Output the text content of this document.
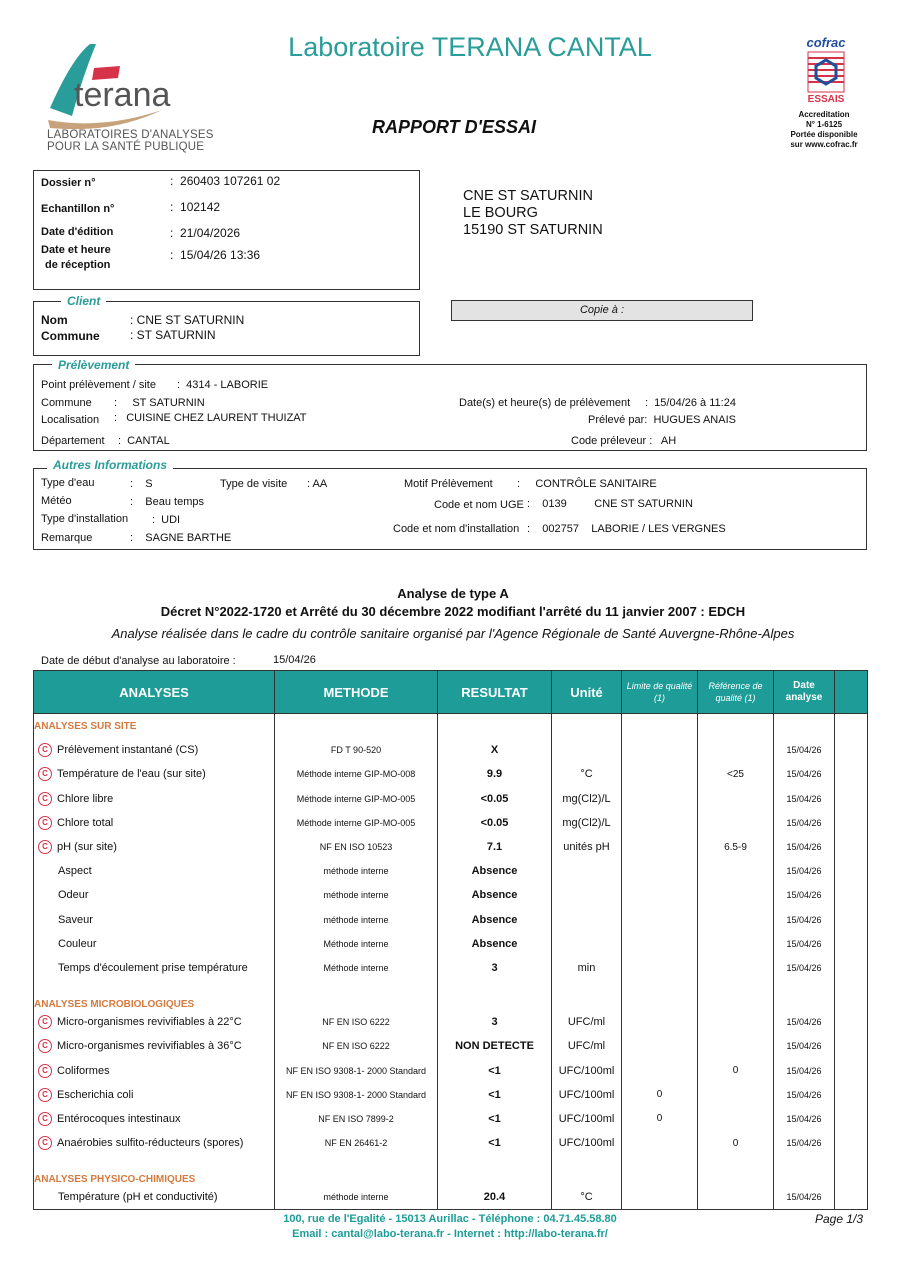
Laboratoire TERANA CANTAL
terana
LABORATOIRES D'ANALYSES
POUR LA SANTÉ PUBLIQUE
RAPPORT D'ESSAI
cofrac
ESSAIS
Accreditation
N° 1-6125
Portée disponible
sur www.cofrac.fr
Dossier n°	:  260403 107261 02
Echantillon n°	:  102142
Date d'édition	:  21/04/2026
Date et heure
de réception
:  15/04/26 13:36
CNE ST SATURNIN
LE BOURG
15190 ST SATURNIN
Client
Nom	: CNE ST SATURNIN
Commune	: ST SATURNIN
Copie à :
Prélèvement
Point prélèvement / site :  4314 - LABORIE
Commune :     ST SATURNIN
Localisation :   CUISINE CHEZ LAURENT THUIZAT
Département :  CANTAL
Date(s) et heure(s) de prélèvement :  15/04/26 à 11:24
Prélevé par: HUGUES ANAIS
Code préleveur : AH
Autres Informations
Type d'eau	:    S	Type de visite : AA	Motif Prélèvement :     CONTRÔLE SANITAIRE
Météo	:    Beau temps	Code et nom UGE :    0139	CNE ST SATURNIN
Type d'installation :  UDI
Code et nom d'installation :    002757 LABORIE / LES VERGNES
Remarque	:    SAGNE BARTHE
Analyse de type A
Décret N°2022-1720 et Arrêté du 30 décembre 2022 modifiant l'arrêté du 11 janvier 2007 : EDCH
Analyse réalisée dans le cadre du contrôle sanitaire organisé par l'Agence Régionale de Santé Auvergne-Rhône-Alpes
Date de début d'analyse au laboratoire :	15/04/26
ANALYSES	METHODE	RESULTAT	Unité	Limite de qualité (1)	Référence de qualité (1)	Date analyse	
ANALYSES SUR SITE							
C Prélèvement instantané (CS)	FD T 90-520	X				15/04/26	
C Température de l'eau (sur site)	Méthode interne GIP-MO-008	9.9	°C		<25	15/04/26	
C Chlore libre	Méthode interne GIP-MO-005	<0.05	mg(Cl2)/L			15/04/26	
C Chlore total	Méthode interne GIP-MO-005	<0.05	mg(Cl2)/L			15/04/26	
C pH (sur site)	NF EN ISO 10523	7.1	unités pH		6.5-9	15/04/26	
Aspect	méthode interne	Absence				15/04/26	
Odeur	méthode interne	Absence				15/04/26	
Saveur	méthode interne	Absence				15/04/26	
Couleur	Méthode interne	Absence				15/04/26	
Temps d'écoulement prise température	Méthode interne	3	min			15/04/26	
ANALYSES MICROBIOLOGIQUES							
C Micro-organismes revivifiables à 22°C	NF EN ISO 6222	3	UFC/ml			15/04/26	
C Micro-organismes revivifiables à 36°C	NF EN ISO 6222	NON DETECTE	UFC/ml			15/04/26	
C Coliformes	NF EN ISO 9308-1- 2000 Standard	<1	UFC/100ml		0	15/04/26	
C Escherichia coli	NF EN ISO 9308-1- 2000 Standard	<1	UFC/100ml	0		15/04/26	
C Entérocoques intestinaux	NF EN ISO 7899-2	<1	UFC/100ml	0		15/04/26	
C Anaérobies sulfito-réducteurs (spores)	NF EN 26461-2	<1	UFC/100ml		0	15/04/26	
ANALYSES PHYSICO-CHIMIQUES							
Température (pH et conductivité)	méthode interne	20.4	°C			15/04/26	
100, rue de l'Egalité - 15013 Aurillac - Téléphone : 04.71.45.58.80
Email : cantal@labo-terana.fr - Internet : http://labo-terana.fr/
Page 1/3
